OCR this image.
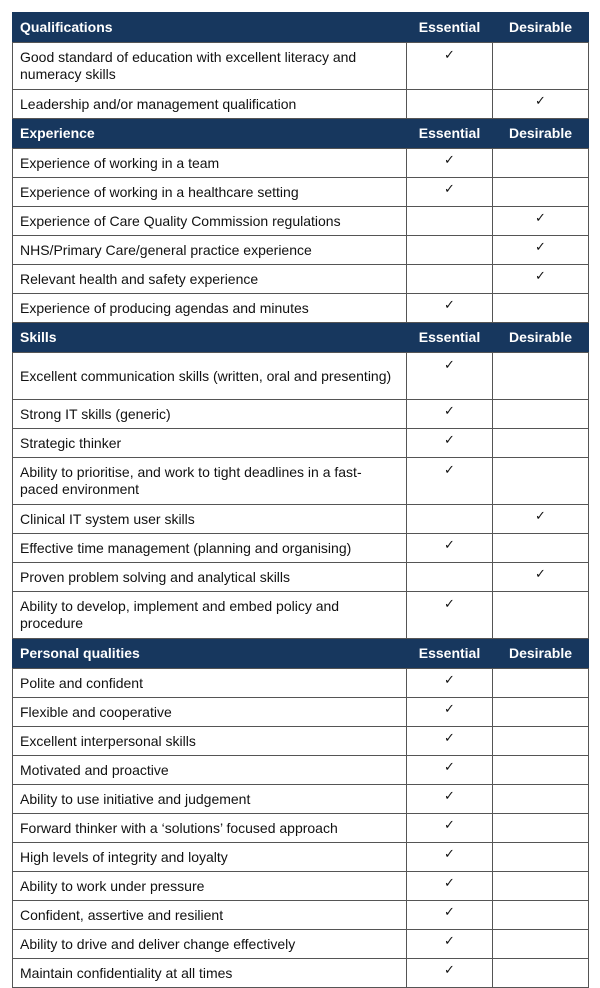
Qualifications	Essential	Desirable
Good standard of education with excellent literacy and numeracy skills	✓	
Leadership and/or management qualification		✓
Experience	Essential	Desirable
Experience of working in a team	✓	
Experience of working in a healthcare setting	✓	
Experience of Care Quality Commission regulations		✓
NHS/Primary Care/general practice experience		✓
Relevant health and safety experience		✓
Experience of producing agendas and minutes	✓	
Skills	Essential	Desirable
Excellent communication skills (written, oral and presenting)	✓	
Strong IT skills (generic)	✓	
Strategic thinker	✓	
Ability to prioritise, and work to tight deadlines in a fast-paced environment	✓	
Clinical IT system user skills		✓
Effective time management (planning and organising)	✓	
Proven problem solving and analytical skills		✓
Ability to develop, implement and embed policy and procedure	✓	
Personal qualities	Essential	Desirable
Polite and confident	✓	
Flexible and cooperative	✓	
Excellent interpersonal skills	✓	
Motivated and proactive	✓	
Ability to use initiative and judgement	✓	
Forward thinker with a ‘solutions’ focused approach	✓	
High levels of integrity and loyalty	✓	
Ability to work under pressure	✓	
Confident, assertive and resilient	✓	
Ability to drive and deliver change effectively	✓	
Maintain confidentiality at all times	✓	
